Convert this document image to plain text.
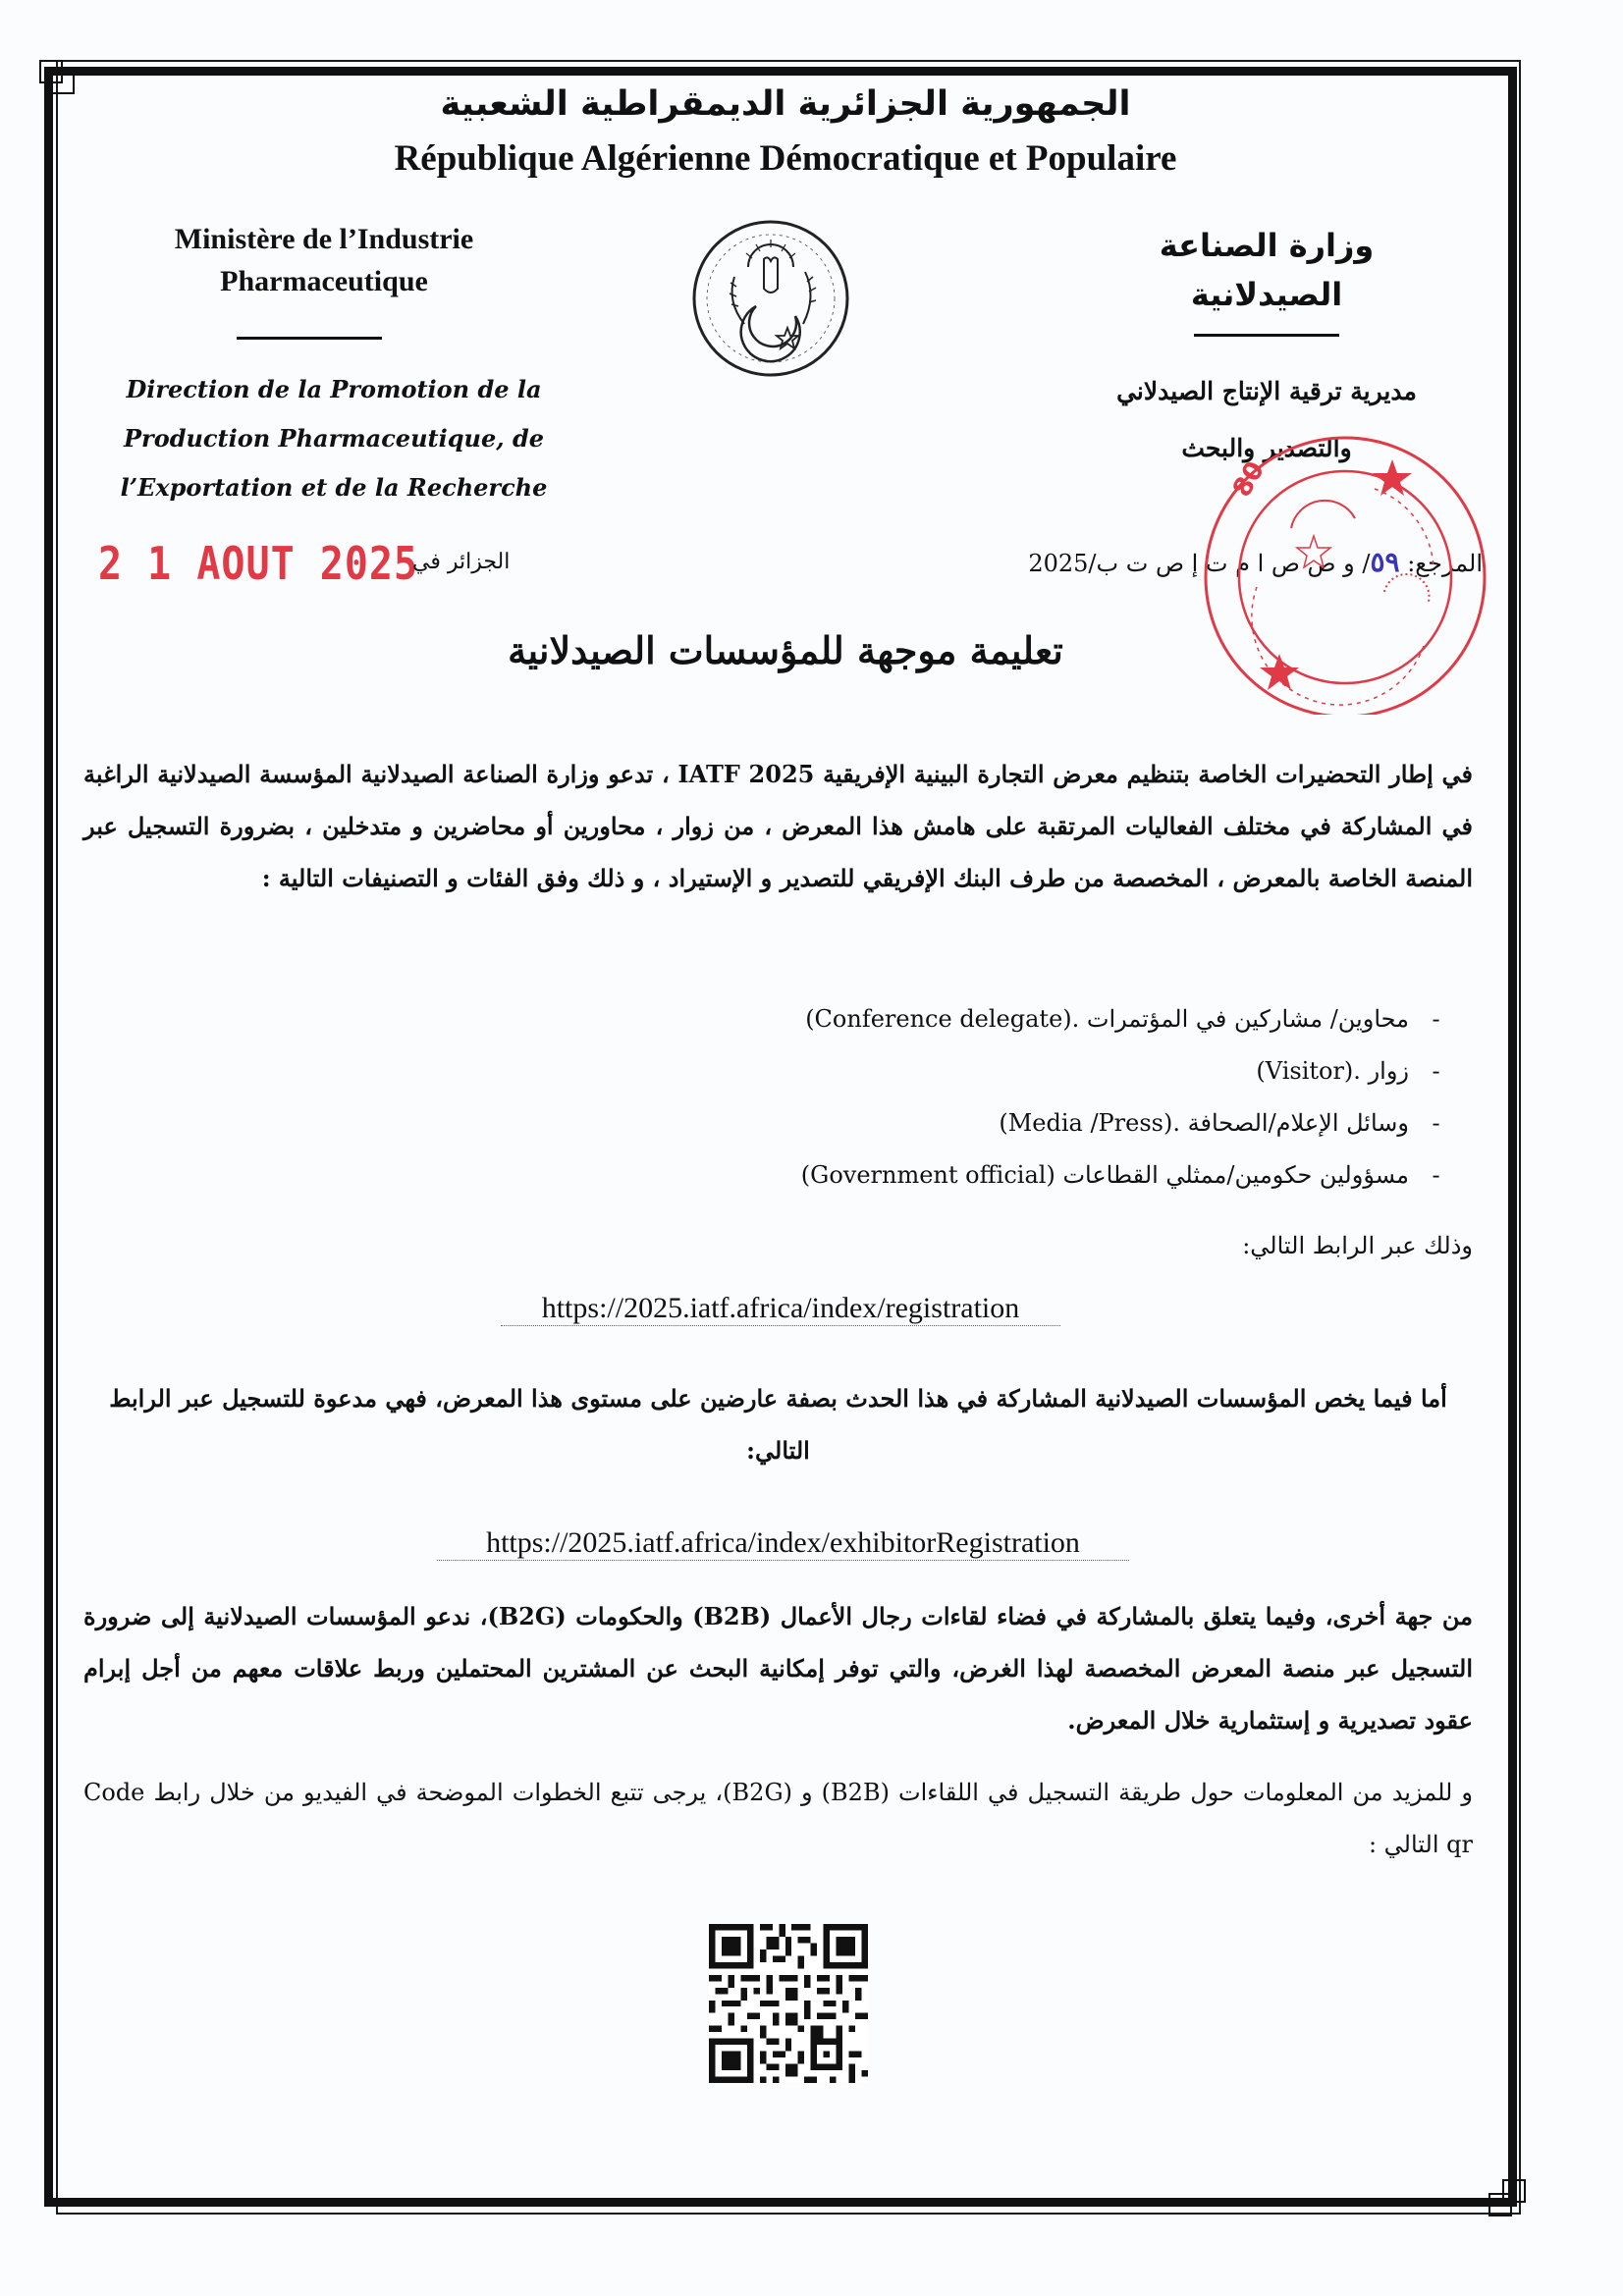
الجمهورية الجزائرية الديمقراطية الشعبية
République Algérienne Démocratique et Populaire
Ministère de l’Industrie
Pharmaceutique
Direction de la Promotion de la
Production Pharmaceutique, de
l’Exportation et de la Recherche
وزارة الصناعة
الصيدلانية
مديرية ترقية الإنتاج الصيدلاني
والتصدير والبحث
2 1 AOUT 2025
الجزائر في	المرجع: ٥٩/ و ص ص ا م ت إ ص ت ب/2025
80
تعليمة موجهة للمؤسسات الصيدلانية
في إطار التحضيرات الخاصة بتنظيم معرض التجارة البينية الإفريقية IATF 2025 ، تدعو وزارة الصناعة الصيدلانية المؤسسة الصيدلانية الراغبة في المشاركة في مختلف الفعاليات المرتقبة على هامش هذا المعرض ، من زوار ، محاورين أو محاضرين و متدخلين ، بضرورة التسجيل عبر المنصة الخاصة بالمعرض ، المخصصة من طرف البنك الإفريقي للتصدير و الإستيراد ، و ذلك وفق الفئات و التصنيفات التالية :
-
محاوين/ مشاركين في المؤتمرات

(Conference delegate).
-
زوار

(Visitor).
-
وسائل الإعلام/الصحافة

(Media /Press).
-
مسؤولين حكومين/ممثلي القطاعات

(Government official)
وذلك عبر الرابط التالي:
https://2025.iatf.africa/index/registration
أما فيما يخص المؤسسات الصيدلانية المشاركة في هذا الحدث بصفة عارضين على مستوى هذا المعرض، فهي مدعوة للتسجيل عبر الرابط التالي:
https://2025.iatf.africa/index/exhibitorRegistration
من جهة أخرى، وفيما يتعلق بالمشاركة في فضاء لقاءات رجال الأعمال (B2B) والحكومات (B2G)، ندعو المؤسسات الصيدلانية إلى ضرورة التسجيل عبر منصة المعرض المخصصة لهذا الغرض، والتي توفر إمكانية البحث عن المشترين المحتملين وربط علاقات معهم من أجل إبرام عقود تصديرية و إستثمارية خلال المعرض.
و للمزيد من المعلومات حول طريقة التسجيل في اللقاءات (B2B) و (B2G)، يرجى تتبع الخطوات الموضحة في الفيديو من خلال رابط Code qr التالي :
